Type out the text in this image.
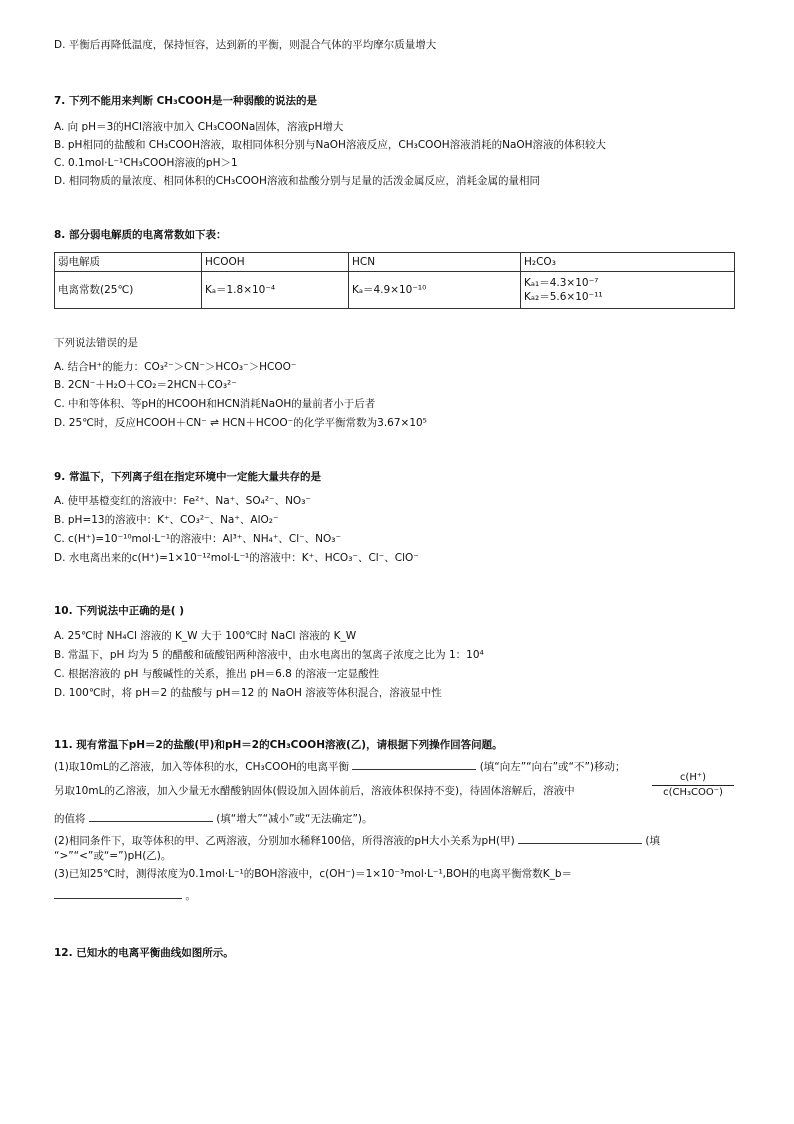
D. 平衡后再降低温度，保持恒容，达到新的平衡，则混合气体的平均摩尔质量增大
7. 下列不能用来判断 CH₃COOH是一种弱酸的说法的是
A. 向 pH＝3的HCl溶液中加入 CH₃COONa固体，溶液pH增大
B. pH相同的盐酸和 CH₃COOH溶液，取相同体积分别与NaOH溶液反应，CH₃COOH溶液消耗的NaOH溶液的体积较大
C. 0.1mol·L⁻¹CH₃COOH溶液的pH＞1
D. 相同物质的量浓度、相同体积的CH₃COOH溶液和盐酸分别与足量的活泼金属反应，消耗金属的量相同
8. 部分弱电解质的电离常数如下表：
弱电解质	HCOOH	HCN	H₂CO₃
电离常数(25℃)	Kₐ＝1.8×10⁻⁴	Kₐ＝4.9×10⁻¹⁰	Kₐ₁＝4.3×10⁻⁷
Kₐ₂＝5.6×10⁻¹¹
下列说法错误的是
A. 结合H⁺的能力：CO₃²⁻＞CN⁻＞HCO₃⁻＞HCOO⁻
B. 2CN⁻＋H₂O＋CO₂＝2HCN＋CO₃²⁻
C. 中和等体积、等pH的HCOOH和HCN消耗NaOH的量前者小于后者
D. 25℃时，反应HCOOH＋CN⁻ ⇌ HCN＋HCOO⁻的化学平衡常数为3.67×10⁵
9. 常温下，下列离子组在指定环境中一定能大量共存的是
A. 使甲基橙变红的溶液中：Fe²⁺、Na⁺、SO₄²⁻、NO₃⁻
B. pH=13的溶液中：K⁺、CO₃²⁻、Na⁺、AlO₂⁻
C. c(H⁺)=10⁻¹⁰mol·L⁻¹的溶液中：Al³⁺、NH₄⁺、Cl⁻、NO₃⁻
D. 水电离出来的c(H⁺)=1×10⁻¹²mol·L⁻¹的溶液中：K⁺、HCO₃⁻、Cl⁻、ClO⁻
10. 下列说法中正确的是( )
A. 25℃时 NH₄Cl 溶液的 K_W 大于 100℃时 NaCl 溶液的 K_W
B. 常温下，pH 均为 5 的醋酸和硫酸铝两种溶液中，由水电离出的氢离子浓度之比为 1：10⁴
C. 根据溶液的 pH 与酸碱性的关系，推出 pH＝6.8 的溶液一定显酸性
D. 100℃时，将 pH＝2 的盐酸与 pH＝12 的 NaOH 溶液等体积混合，溶液显中性
11. 现有常温下pH＝2的盐酸(甲)和pH＝2的CH₃COOH溶液(乙)，请根据下列操作回答问题。
(1)取10mL的乙溶液，加入等体积的水，CH₃COOH的电离平衡	(填“向左”“向右”或“不”)移动；
另取10mL的乙溶液，加入少量无水醋酸钠固体(假设加入固体前后，溶液体积保持不变)，待固体溶解后，溶液中
c(H⁺)
c(CH₃COO⁻)
的值将	(填“增大”“减小”或“无法确定”)。
(2)相同条件下，取等体积的甲、乙两溶液，分别加水稀释100倍，所得溶液的pH大小关系为pH(甲)	(填
“>”“<”或“=”)pH(乙)。
(3)已知25℃时，测得浓度为0.1mol·L⁻¹的BOH溶液中，c(OH⁻)＝1×10⁻³mol·L⁻¹,BOH的电离平衡常数K_b＝
。
12. 已知水的电离平衡曲线如图所示。
